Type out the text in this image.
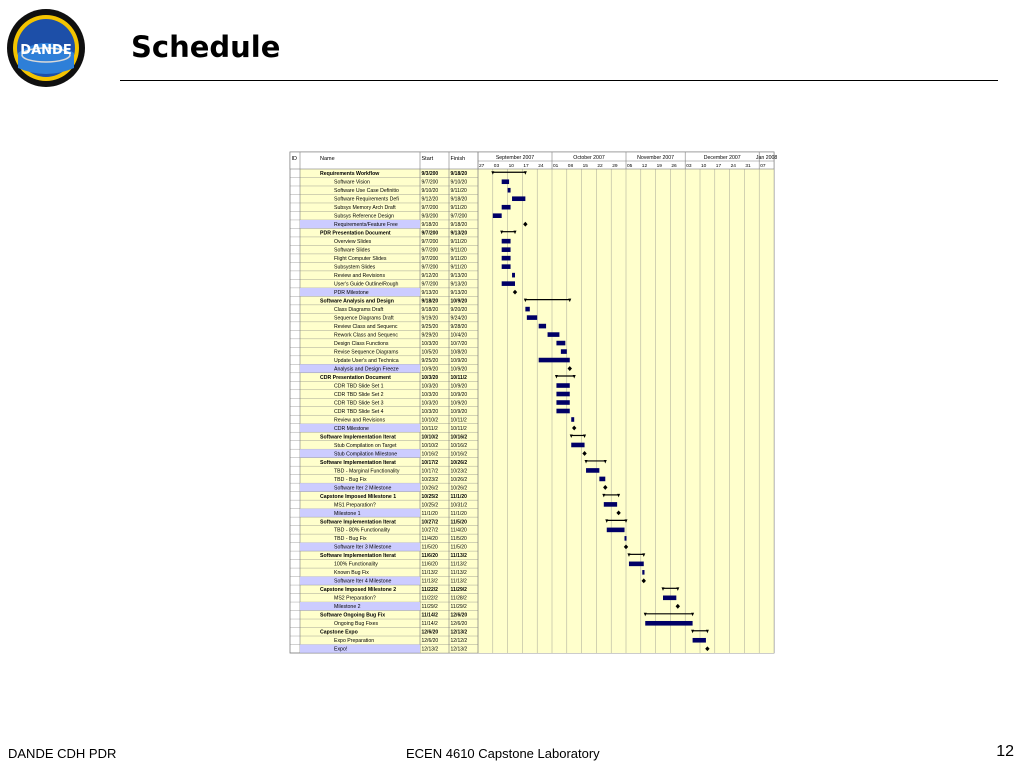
DANDE Schedule
ID	Name	Start	Finish	September 2007
27 03 10 17 24
October 2007
01 08 15 22 29
November 2007
05 12 19 26
December 2007
03 10 17 24 31
Jan 2008
07
Requirements Workflow	9/3/200 9/18/20
Software Vision	9/7/200 9/10/20
Software Use Case Definitio	9/10/20 9/11/20
Software Requirements Defi	9/12/20 9/18/20
Subsys Memory Arch Draft	9/7/200 9/11/20
Subsys Reference Design	9/3/200 9/7/200
Requirements/Feature Free	9/18/20 9/18/20
PDR Presentation Document	9/7/200 9/13/20
Overview Slides	9/7/200 9/11/20
Software Slides	9/7/200 9/11/20
Flight Computer Slides	9/7/200 9/11/20
Subsystem Slides	9/7/200 9/11/20
Review and Revisions	9/12/20 9/13/20
User's Guide Outline/Rough	9/7/200 9/13/20
PDR Milestone	9/13/20 9/13/20
Software Analysis and Design	9/18/20 10/9/20
Class Diagrams Draft	9/18/20 9/20/20
Sequence Diagrams Draft	9/19/20 9/24/20
Review Class and Sequenc	9/25/20 9/28/20
Rework Class and Sequenc	9/29/20 10/4/20
Design Class Functions	10/3/20 10/7/20
Revise Sequence Diagrams	10/5/20 10/8/20
Update User's and Technica	9/25/20 10/9/20
Analysis and Design Freeze	10/9/20 10/9/20
CDR Presentation Document	10/3/20 10/11/2
CDR TBD Slide Set 1	10/3/20 10/9/20
CDR TBD Slide Set 2	10/3/20 10/9/20
CDR TBD Slide Set 3	10/3/20 10/9/20
CDR TBD Slide Set 4	10/3/20 10/9/20
Review and Revisions	10/10/2 10/11/2
CDR Milestone	10/11/2	10/11/2
Software Implementation Iterat	10/10/2 10/16/2
Stub Compilation on Target	10/10/2 10/16/2
Stub Compilation Milestone	10/16/2 10/16/2
Software Implementation Iterat	10/17/2 10/26/2
TBD - Marginal Functionality	10/17/2 10/23/2
TBD - Bug Fix	10/23/2 10/26/2
Software Iter 2 Milestone	10/26/2 10/26/2
Capstone Imposed Milestone 1	10/25/2 11/1/20
MS1 Preparation?	10/25/2 10/31/2
Milestone 1	11/1/20	11/1/20
Software Implementation Iterat	10/27/2 11/5/20
TBD - 80% Functionality	10/27/2 11/4/20
TBD - Bug Fix	11/4/20	11/5/20
Software Iter 3 Milestone	11/5/20	11/5/20
Software Implementation Iterat	11/6/20	11/13/2
100% Functionality	11/6/20	11/13/2
Known Bug Fix	11/13/2	11/13/2
Software Iter 4 Milestone	11/13/2	11/13/2
Capstone Imposed Milestone 2	11/22/2	11/29/2
MS2 Preparation?	11/22/2	11/28/2
Milestone 2	11/29/2	11/29/2
Software Ongoing Bug Fix	11/14/2	12/6/20
Ongoing Bug Fixes	11/14/2	12/6/20
Capstone Expo	12/6/20 12/13/2
Expo Preparation	12/6/20 12/12/2
Expo!	12/13/2 12/13/2
DANDE CDH PDR	ECEN 4610 Capstone Laboratory	12
